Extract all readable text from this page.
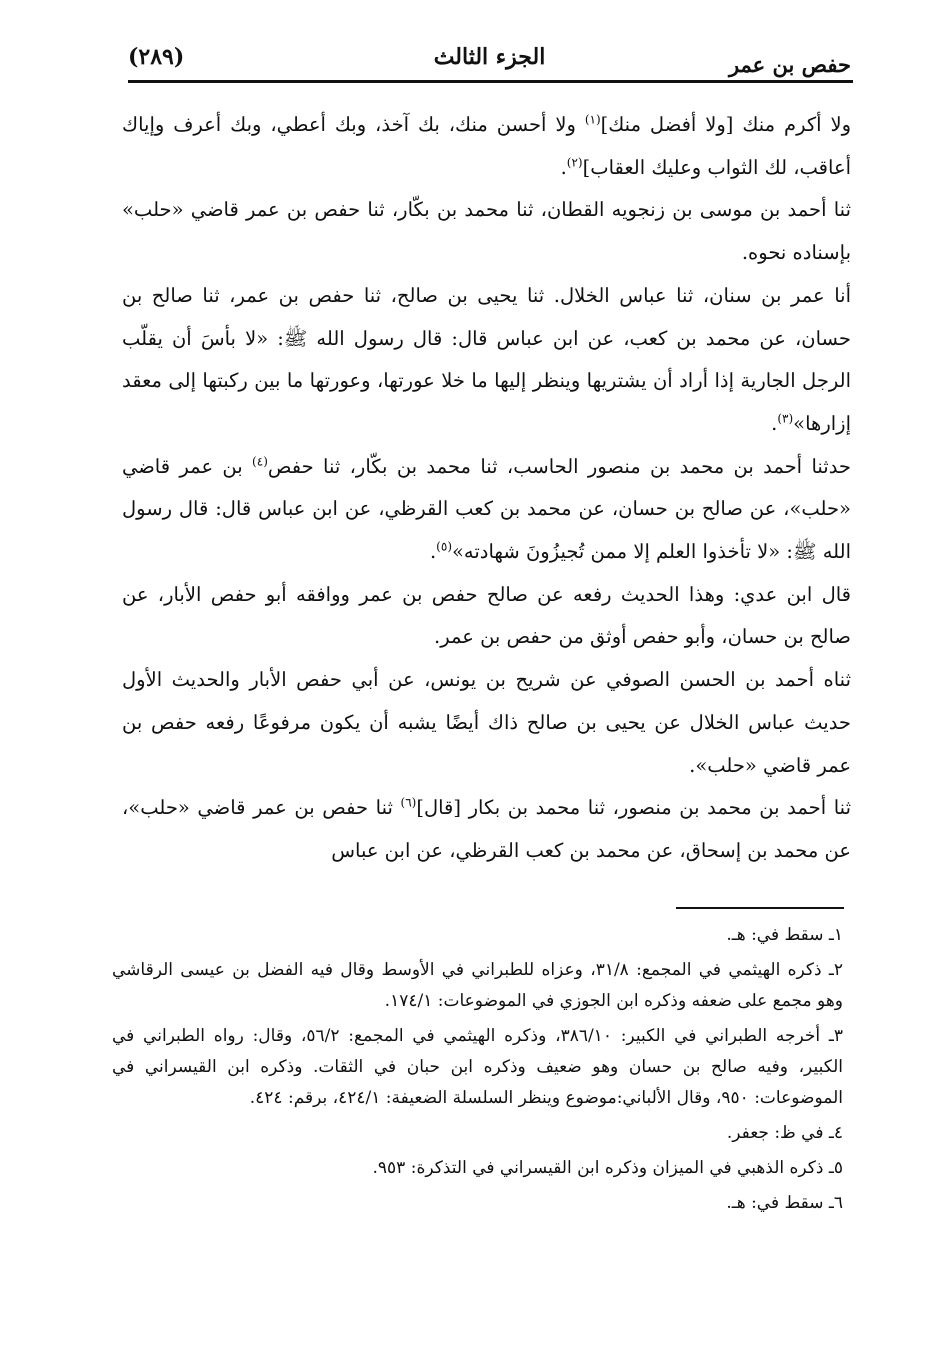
حفص بن عمر
الجزء الثالث
(٢٨٩)

ولا أكرم منك [ولا أفضل منك]$^{(١)}$ ولا أحسن منك، بك آخذ، وبك أعطي، وبك أعرف وإياك أعاقب، لك الثواب وعليك العقاب]$^{(٢)}$.

ثنا أحمد بن موسى بن زنجويه القطان، ثنا محمد بن بكّار، ثنا حفص بن عمر قاضي «حلب» بإسناده نحوه.

أنا عمر بن سنان، ثنا عباس الخلال. ثنا يحيى بن صالح، ثنا حفص بن عمر، ثنا صالح بن حسان، عن محمد بن كعب، عن ابن عباس قال: قال رسول الله ﷺ: «لا بأسَ أن يقلّب الرجل الجارية إذا أراد أن يشتريها وينظر إليها ما خلا عورتها، وعورتها ما بين ركبتها إلى معقد إزارها»$^{(٣)}$.

حدثنا أحمد بن محمد بن منصور الحاسب، ثنا محمد بن بكّار، ثنا حفص$^{(٤)}$ بن عمر قاضي «حلب»، عن صالح بن حسان، عن محمد بن كعب القرظي، عن ابن عباس قال: قال رسول الله ﷺ: «لا تأخذوا العلم إلا ممن تُجيزُونَ شهادته»$^{(٥)}$.

قال ابن عدي: وهذا الحديث رفعه عن صالح حفص بن عمر ووافقه أبو حفص الأبار، عن صالح بن حسان، وأبو حفص أوثق من حفص بن عمر.

ثناه أحمد بن الحسن الصوفي عن شريح بن يونس، عن أبي حفص الأبار والحديث الأول حديث عباس الخلال عن يحيى بن صالح ذاك أيضًا يشبه أن يكون مرفوعًا رفعه حفص بن عمر قاضي «حلب».

ثنا أحمد بن محمد بن منصور، ثنا محمد بن بكار [قال]$^{(٦)}$ ثنا حفص بن عمر قاضي «حلب»، عن محمد بن إسحاق، عن محمد بن كعب القرظي، عن ابن عباس

١ـ سقط في: هـ.

٢ـ ذكره الهيثمي في المجمع: ٣١/٨، وعزاه للطبراني في الأوسط وقال فيه الفضل بن عيسى الرقاشي وهو مجمع على ضعفه وذكره ابن الجوزي في الموضوعات: ١٧٤/١.

٣ـ أخرجه الطبراني في الكبير: ٣٨٦/١٠، وذكره الهيثمي في المجمع: ٥٦/٢، وقال: رواه الطبراني في الكبير، وفيه صالح بن حسان وهو ضعيف وذكره ابن حبان في الثقات. وذكره ابن القيسراني في الموضوعات: ٩٥٠، وقال الألباني:موضوع وينظر السلسلة الضعيفة: ٤٢٤/١، برقم: ٤٢٤.

٤ـ في ظ: جعفر.

٥ـ ذكره الذهبي في الميزان وذكره ابن القيسراني في التذكرة: ٩٥٣.

٦ـ سقط في: هـ.
